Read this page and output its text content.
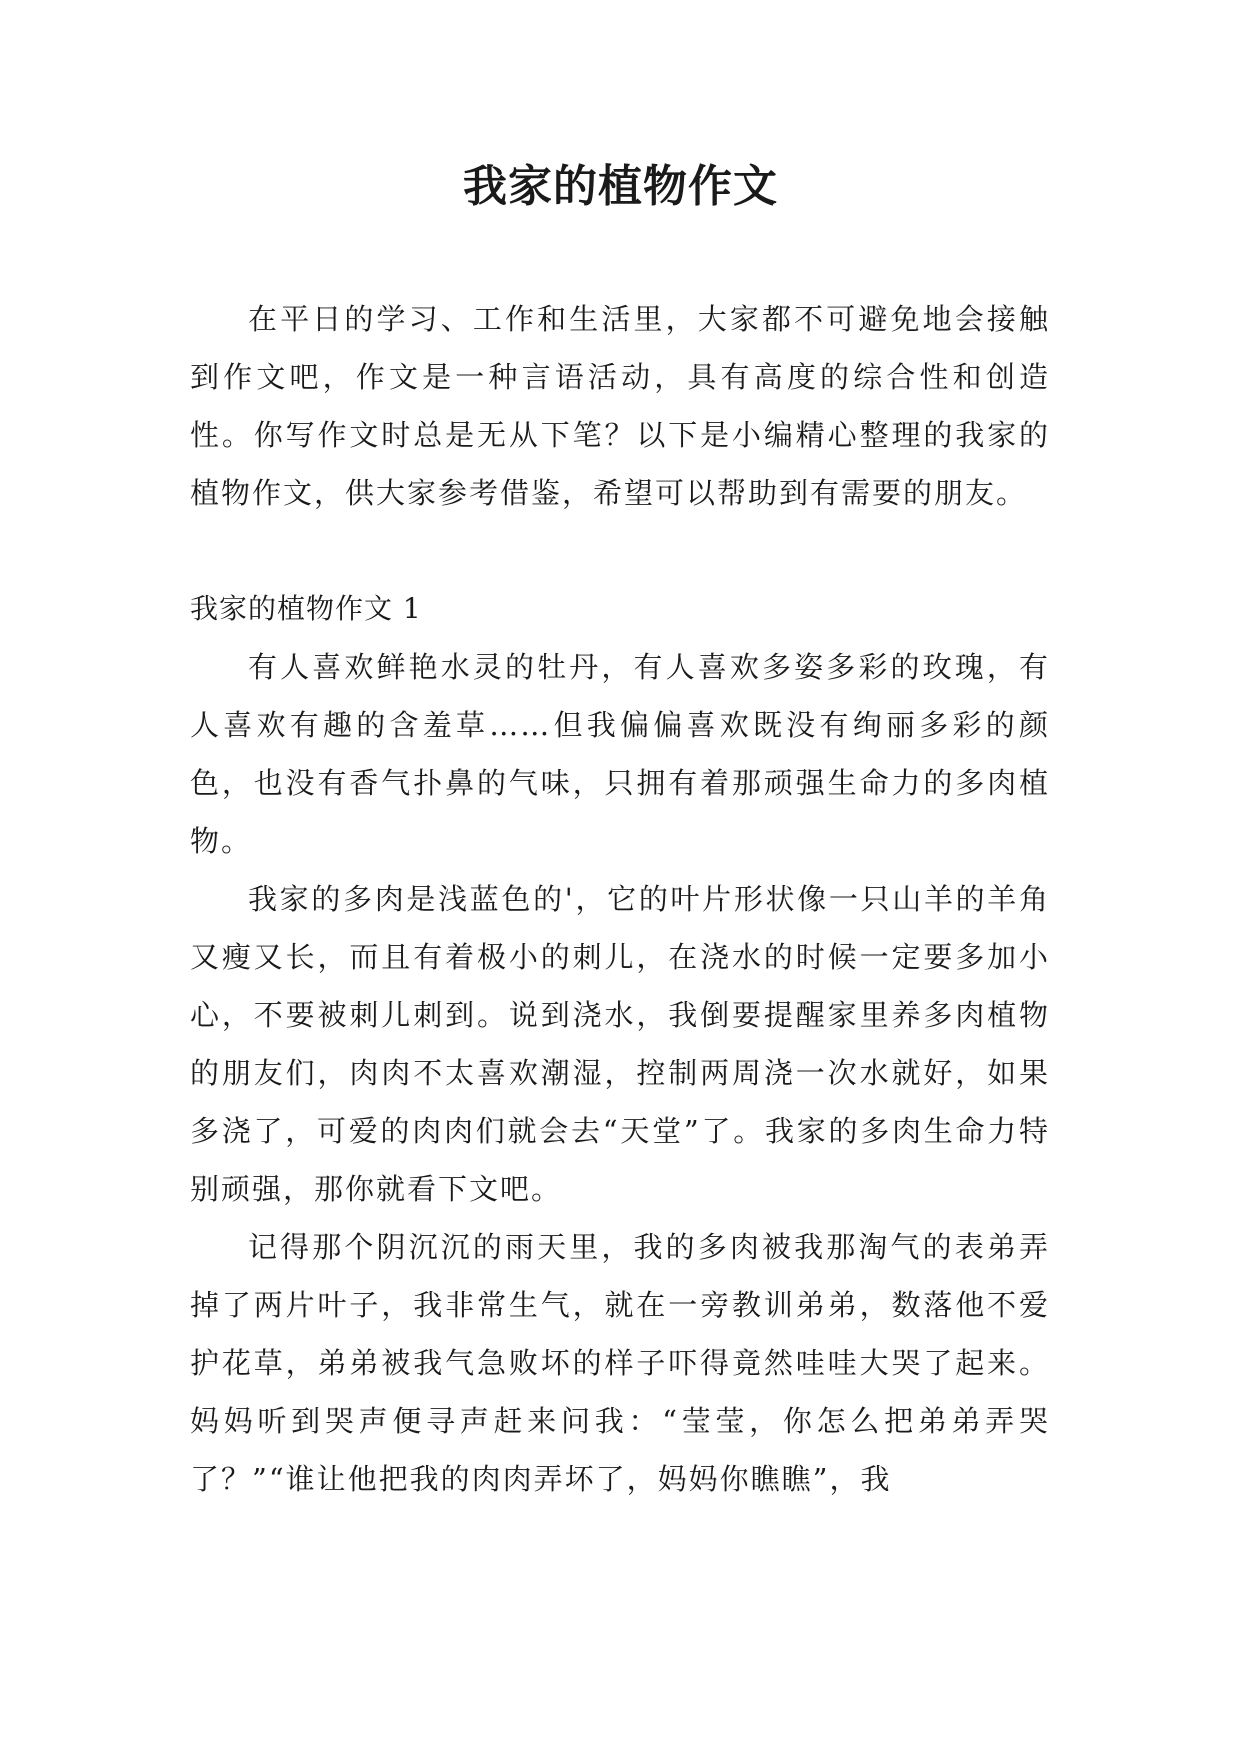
我家的植物作文

在平日的学习、工作和生活里，大家都不可避免地会接触到作文吧，作文是一种言语活动，具有高度的综合性和创造性。你写作文时总是无从下笔？以下是小编精心整理的我家的植物作文，供大家参考借鉴，希望可以帮助到有需要的朋友。

我家的植物作文 1

有人喜欢鲜艳水灵的牡丹，有人喜欢多姿多彩的玫瑰，有人喜欢有趣的含羞草……但我偏偏喜欢既没有绚丽多彩的颜色，也没有香气扑鼻的气味，只拥有着那顽强生命力的多肉植物。

我家的多肉是浅蓝色的'，它的叶片形状像一只山羊的羊角又瘦又长，而且有着极小的刺儿，在浇水的时候一定要多加小心，不要被刺儿刺到。说到浇水，我倒要提醒家里养多肉植物的朋友们，肉肉不太喜欢潮湿，控制两周浇一次水就好，如果多浇了，可爱的肉肉们就会去“天堂”了。我家的多肉生命力特别顽强，那你就看下文吧。

记得那个阴沉沉的雨天里，我的多肉被我那淘气的表弟弄掉了两片叶子，我非常生气，就在一旁教训弟弟，数落他不爱护花草，弟弟被我气急败坏的样子吓得竟然哇哇大哭了起来。妈妈听到哭声便寻声赶来问我：“莹莹，你怎么把弟弟弄哭了？”“谁让他把我的肉肉弄坏了，妈妈你瞧瞧”，我
